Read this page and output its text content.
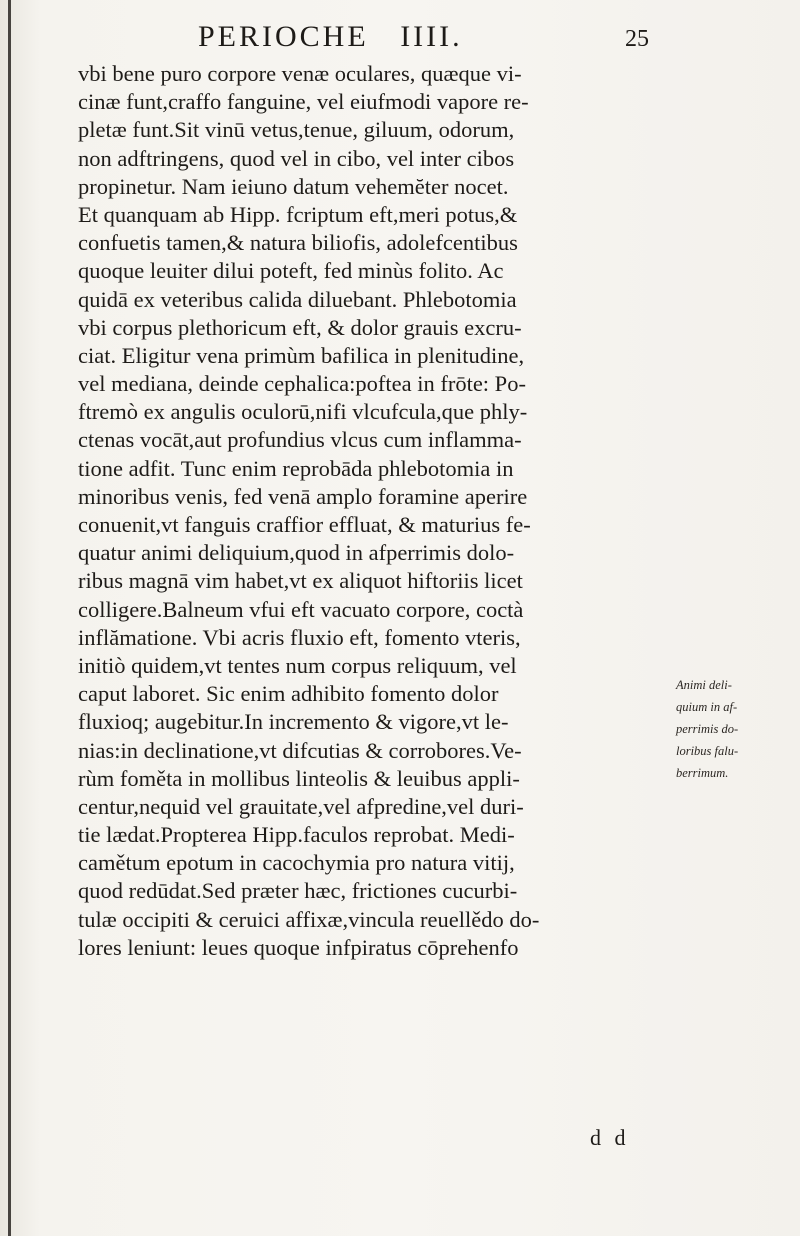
PERIOCHE IIII.	25
vbi bene puro corpore venæ oculares, quæque vi-
cinæ funt,craffo fanguine, vel eiufmodi vapore re-
pletæ funt.Sit vinū vetus,tenue, giluum, odorum,
non adftringens, quod vel in cibo, vel inter cibos
propinetur. Nam ieiuno datum vehemĕter nocet.
Et quanquam ab Hipp. fcriptum eft,meri potus,&
confuetis tamen,& natura biliofis, adolefcentibus
quoque leuiter dilui poteft, fed minùs folito. Ac
quidā ex veteribus calida diluebant. Phlebotomia
vbi corpus plethoricum eft, & dolor grauis excru-
ciat. Eligitur vena primùm bafilica in plenitudine,
vel mediana, deinde cephalica:poftea in frōte: Po-
ftremò ex angulis oculorū,nifi vlcufcula,que phly-
ctenas vocāt,aut profundius vlcus cum inflamma-
tione adfit. Tunc enim reprobāda phlebotomia in
minoribus venis, fed venā amplo foramine aperire
conuenit,vt fanguis craffior effluat, & maturius fe-
quatur animi deliquium,quod in afperrimis dolo-
ribus magnā vim habet,vt ex aliquot hiftoriis licet
colligere.Balneum vfui eft vacuato corpore, coctà
inflămatione. Vbi acris fluxio eft, fomento vteris,
initiò quidem,vt tentes num corpus reliquum, vel
caput laboret. Sic enim adhibito fomento dolor
fluxioq; augebitur.In incremento & vigore,vt le-
nias:in declinatione,vt difcutias & corrobores.Ve-
rùm foměta in mollibus linteolis & leuibus appli-
centur,nequid vel grauitate,vel afpredine,vel duri-
tie lædat.Propterea Hipp.faculos reprobat. Medi-
camětum epotum in cacochymia pro natura vitij,
quod redūdat.Sed præter hæc, frictiones cucurbi-
tulæ occipiti & ceruici affixæ,vincula reuellědo do-
lores leniunt: leues quoque infpiratus cōprehenfo
Animi deli-
quium in af-
perrimis do-
loribus falu-
berrimum.
d d
